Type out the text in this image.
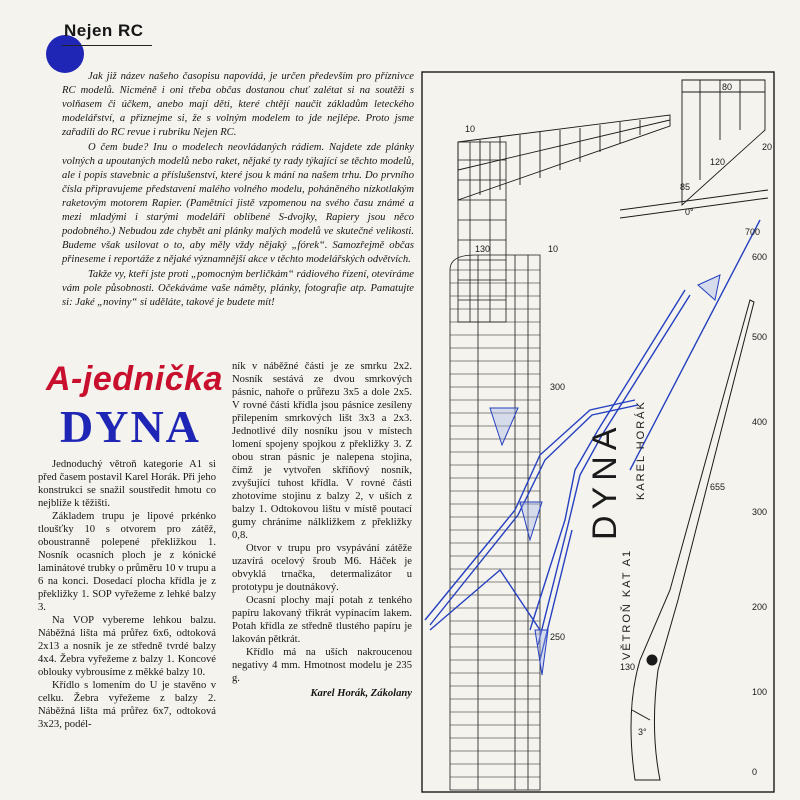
Nejen RC

Jak již název našeho časopisu napovídá, je určen především pro příznivce RC modelů. Nicméně i oni třeba občas dostanou chuť zalétat si na soutěži s volňasem či účkem, anebo mají děti, které chtějí naučit základům leteckého modelářství, a přiznejme si, že s volným modelem to jde nejlépe. Proto jsme zařadili do RC revue i rubriku Nejen RC.

O čem bude? Inu o modelech neovládaných rádiem. Najdete zde plánky volných a upoutaných modelů nebo raket, nějaké ty rady týkající se těchto modelů, ale i popis stavebnic a příslušenství, které jsou k mání na našem trhu. Do prvního čísla připravujeme představení malého volného modelu, poháněného nízkotlakým raketovým motorem Rapier. (Pamětníci jistě vzpomenou na svého času známé a mezi mladými i starými modeláři oblíbené S-dvojky, Rapiery jsou něco podobného.) Nebudou zde chybět ani plánky malých modelů ve skutečné velikosti. Budeme však usilovat o to, aby měly vždy nějaký „fórek“. Samozřejmě občas přineseme i reportáže z nějaké významnější akce v těchto modelářských odvětvích.

Takže vy, kteří jste proti „pomocným berličkám“ rádiového řízení, otevíráme vám pole působnosti. Očekáváme vaše náměty, plánky, fotografie atp. Pamatujte si: Jaké „noviny“ si uděláte, takové je budete mít!

A-jednička
DYNA

Jednoduchý větroň kategorie A1 si před časem postavil Karel Horák. Při jeho konstrukci se snažil soustředit hmotu co nejblíže k těžišti.

Základem trupu je lipové prkénko tloušťky 10 s otvorem pro zátěž, oboustranně polepené překližkou 1. Nosník ocasních ploch je z kónické laminátové trubky o průměru 10 v trupu a 6 na konci. Dosedací plocha křídla je z překližky 1. SOP vyřežeme z lehké balzy 3.

Na VOP vybereme lehkou balzu. Náběžná lišta má průřez 6x6, odtoková 2x13 a nosník je ze středně tvrdé balzy 4x4. Žebra vyřežeme z balzy 1. Koncové oblouky vybrousíme z měkké balzy 10.

Křídlo s lomením do U je stavěno v celku. Žebra vyřežeme z balzy 2. Náběžná lišta má průřez 6x7, odtoková 3x23, podél-

ník v náběžné části je ze smrku 2x2. Nosník sestává ze dvou smrkových pásnic, nahoře o průřezu 3x5 a dole 2x5. V rovné části křídla jsou pásnice zesíleny přilepením smrkových lišt 3x3 a 2x3. Jednotlivé díly nosníku jsou v místech lomení spojeny spojkou z překližky 3. Z obou stran pásnic je nalepena stojina, čímž je vytvořen skříňový nosník, zvyšující tuhost křídla. V rovné části zhotovíme stojinu z balzy 2, v uších z balzy 1. Odtokovou lištu v místě poutací gumy chráníme nálkližkem z překližky 0,8.

Otvor v trupu pro vsypávání zátěže uzavírá ocelový šroub M6. Háček je obvyklá trnačka, determalizátor u prototypu je doutnákový.

Ocasní plochy mají potah z tenkého papíru lakovaný třikrát vypínacím lakem. Potah křídla ze středně tlustého papíru je lakován pětkrát.

Křídlo má na uších nakroucenou negativy 4 mm. Hmotnost modelu je 235 g.

Karel Horák, Zákolany
80
10
120
20
700
85
0°
130	10
300
250
655
600
500
400
300
200
130
100
3°
0
DYNA KAREL HORÁK
VĚTROŇ KAT A1
